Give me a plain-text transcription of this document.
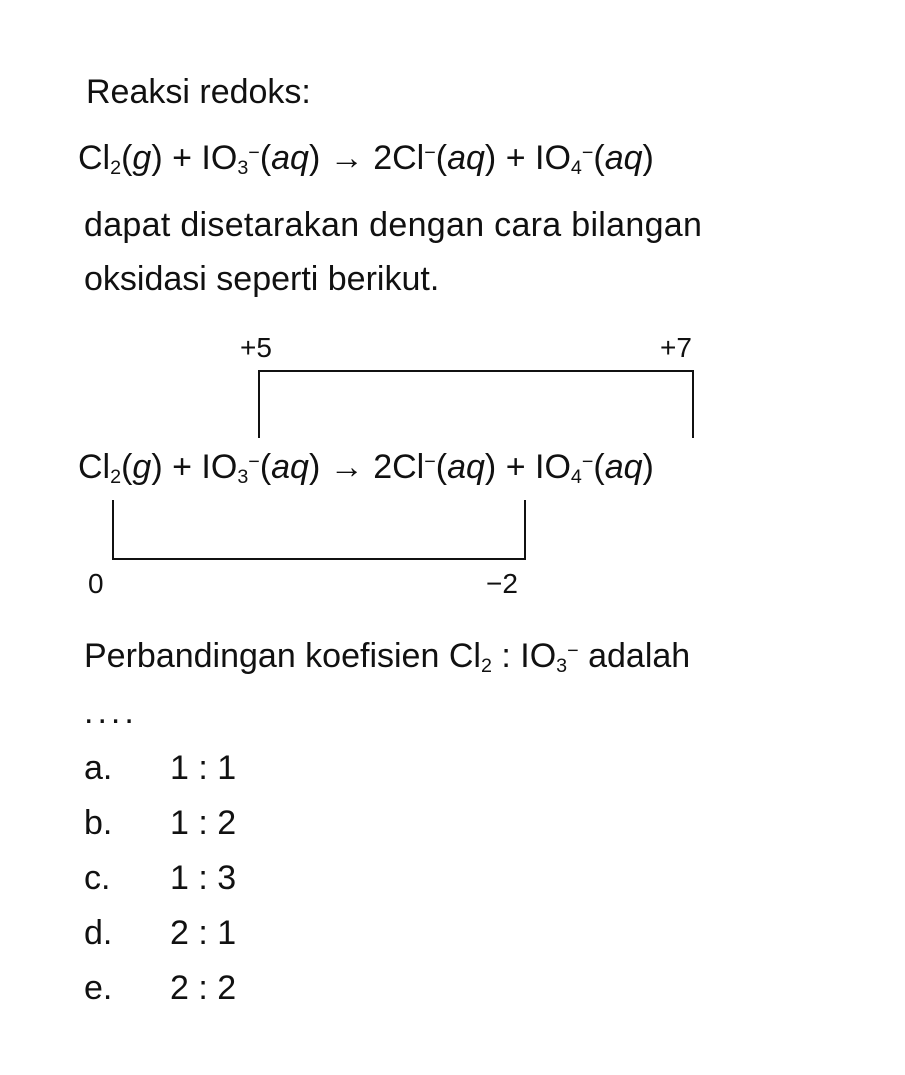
Reaksi redoks:
$Cl_2(g) + IO_3^-(aq) \to 2Cl^-(aq) + IO_4^-(aq)$
dapat disetarakan dengan cara bilangan
oksidasi seperti berikut.
+5	+7
$Cl_2(g) + IO_3^-(aq) \to 2Cl^-(aq) + IO_4^-(aq)$
0	−2
Perbandingan koefisien $Cl_2$ : $IO_3^-$ adalah
....
a. 1 : 1
b. 1 : 2
c. 1 : 3
d. 2 : 1
e. 2 : 2
